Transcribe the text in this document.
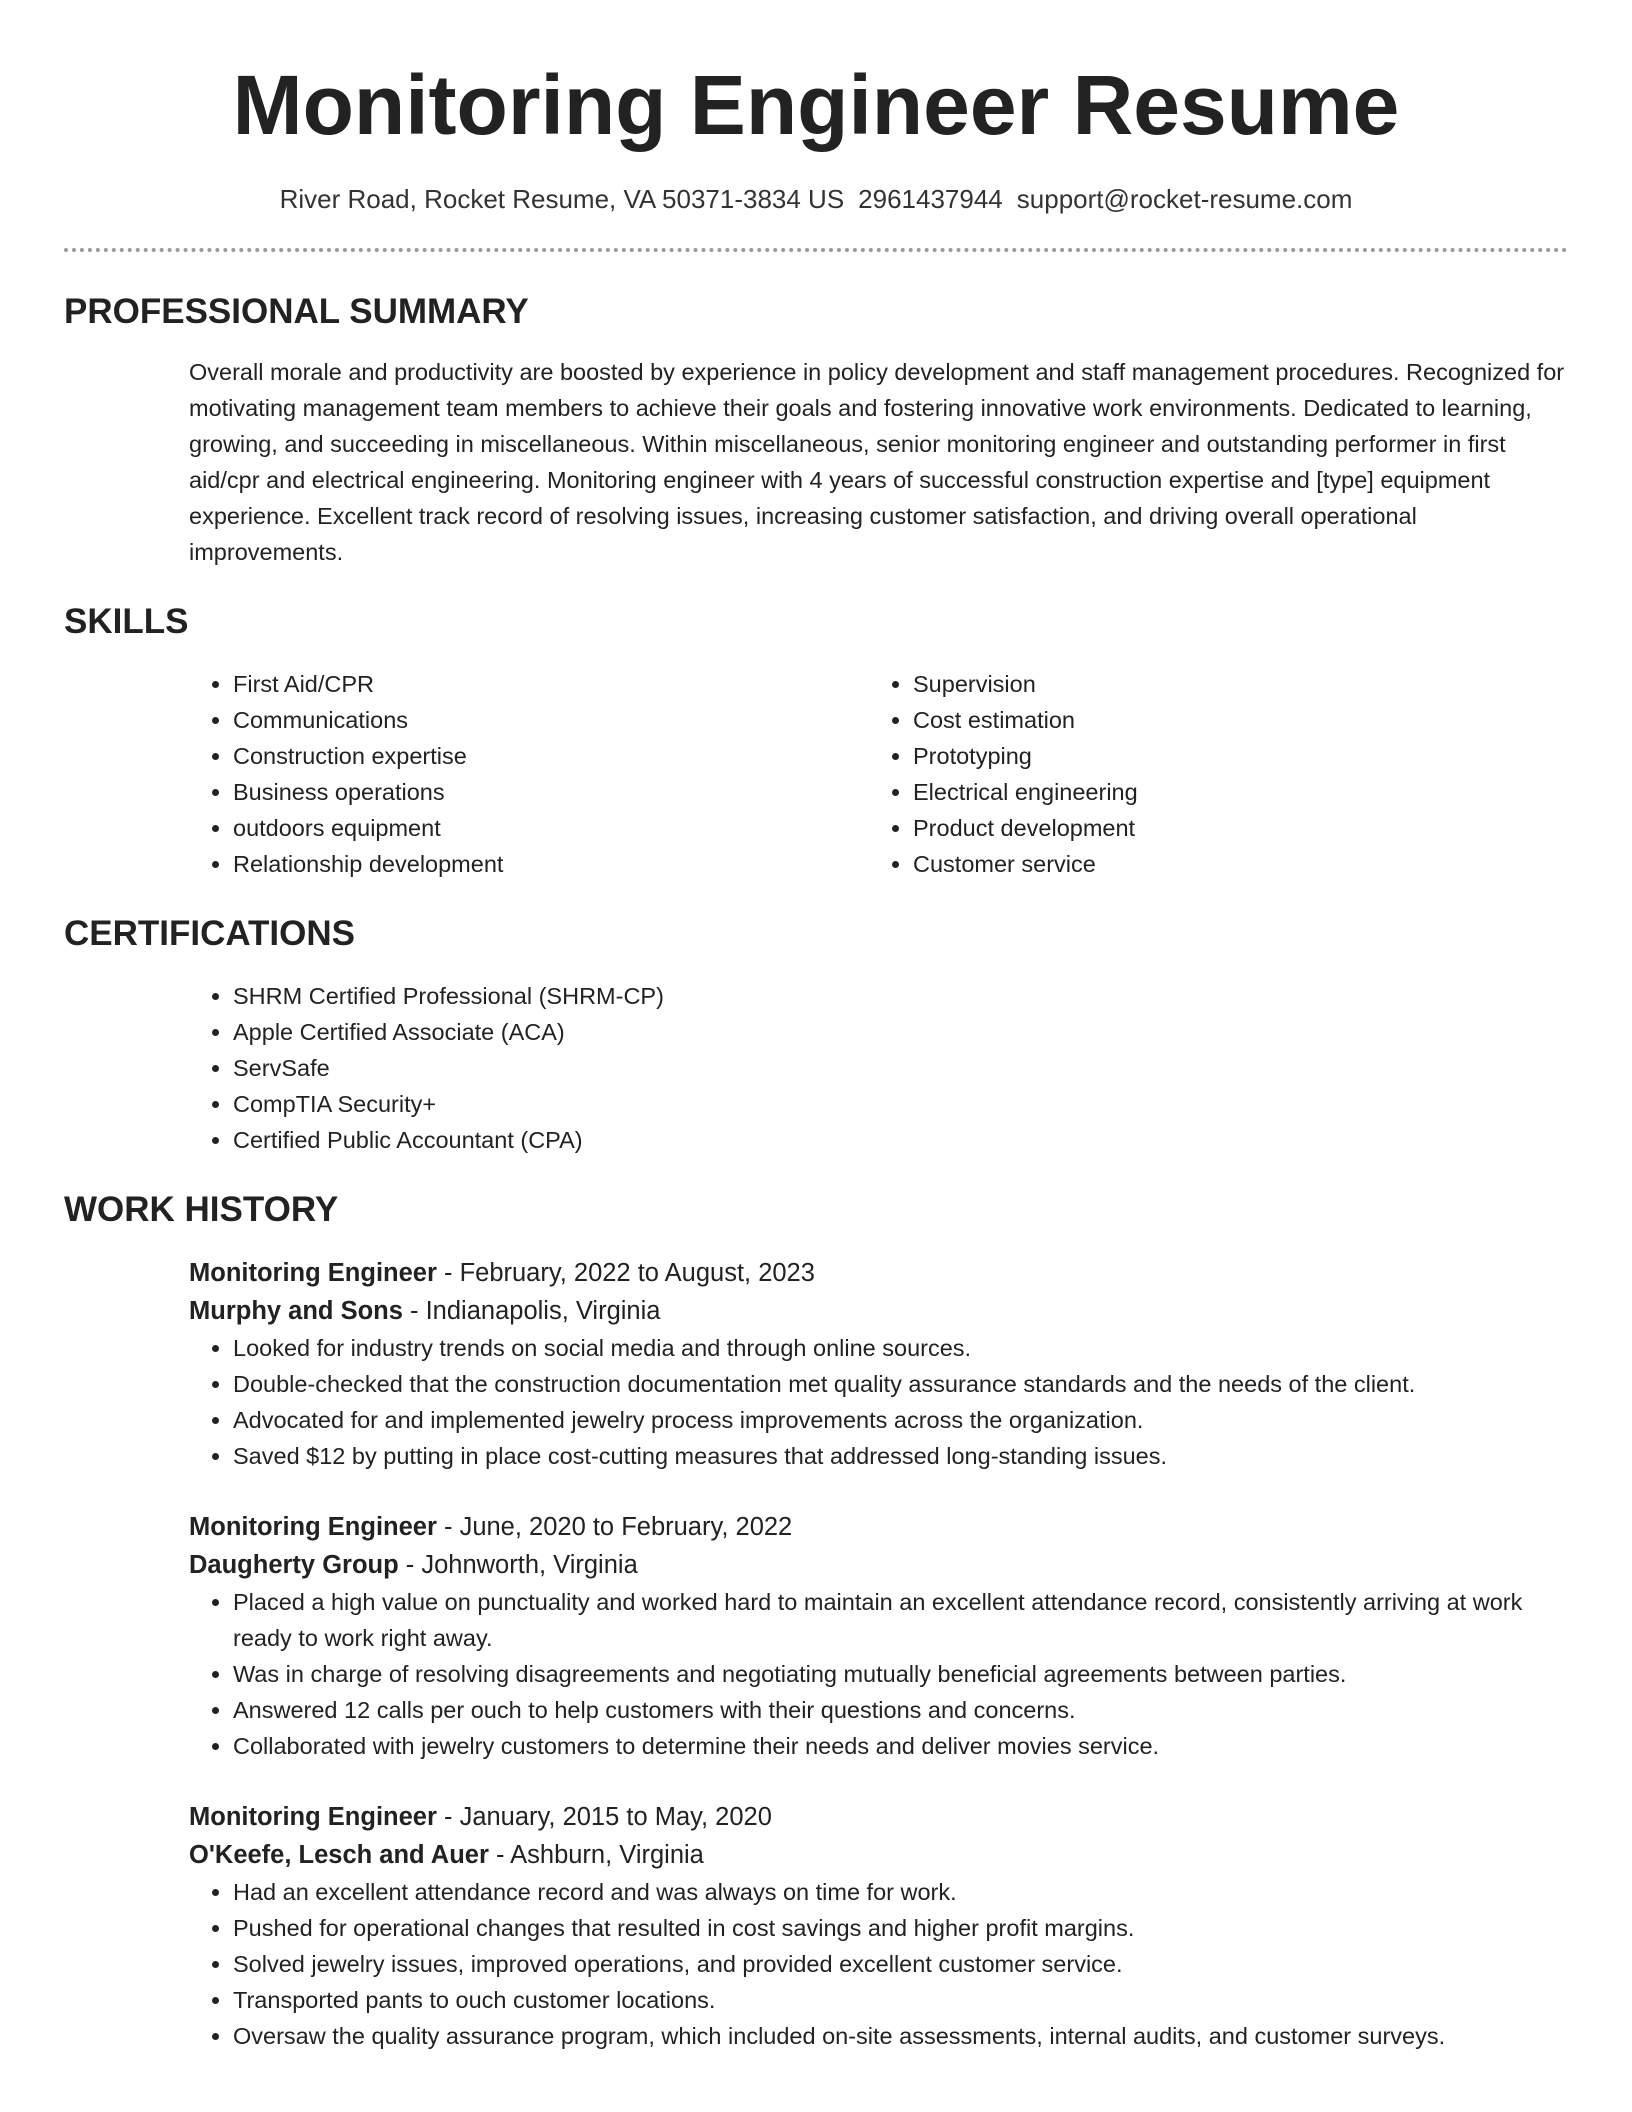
Monitoring Engineer Resume
River Road, Rocket Resume, VA 50371-3834 US 2961437944 support@rocket-resume.com
PROFESSIONAL SUMMARY

Overall morale and productivity are boosted by experience in policy development and staff management procedures. Recognized for motivating management team members to achieve their goals and fostering innovative work environments. Dedicated to learning, growing, and succeeding in miscellaneous. Within miscellaneous, senior monitoring engineer and outstanding performer in first aid/cpr and electrical engineering. Monitoring engineer with 4 years of successful construction expertise and [type] equipment experience. Excellent track record of resolving issues, increasing customer satisfaction, and driving overall operational improvements.

SKILLS
• First Aid/CPR
• Communications
• Construction expertise
• Business operations
• outdoors equipment
• Relationship development
• Supervision
• Cost estimation
• Prototyping
• Electrical engineering
• Product development
• Customer service
CERTIFICATIONS
• SHRM Certified Professional (SHRM-CP)
• Apple Certified Associate (ACA)
• ServSafe
• CompTIA Security+
• Certified Public Accountant (CPA)
WORK HISTORY
Monitoring Engineer - February, 2022 to August, 2023
Murphy and Sons - Indianapolis, Virginia
• Looked for industry trends on social media and through online sources.
• Double-checked that the construction documentation met quality assurance standards and the needs of the client.
• Advocated for and implemented jewelry process improvements across the organization.
• Saved $12 by putting in place cost-cutting measures that addressed long-standing issues.
Monitoring Engineer - June, 2020 to February, 2022
Daugherty Group - Johnworth, Virginia
• Placed a high value on punctuality and worked hard to maintain an excellent attendance record, consistently arriving at work ready to work right away.
• Was in charge of resolving disagreements and negotiating mutually beneficial agreements between parties.
• Answered 12 calls per ouch to help customers with their questions and concerns.
• Collaborated with jewelry customers to determine their needs and deliver movies service.
Monitoring Engineer - January, 2015 to May, 2020
O'Keefe, Lesch and Auer - Ashburn, Virginia
• Had an excellent attendance record and was always on time for work.
• Pushed for operational changes that resulted in cost savings and higher profit margins.
• Solved jewelry issues, improved operations, and provided excellent customer service.
• Transported pants to ouch customer locations.
• Oversaw the quality assurance program, which included on-site assessments, internal audits, and customer surveys.
